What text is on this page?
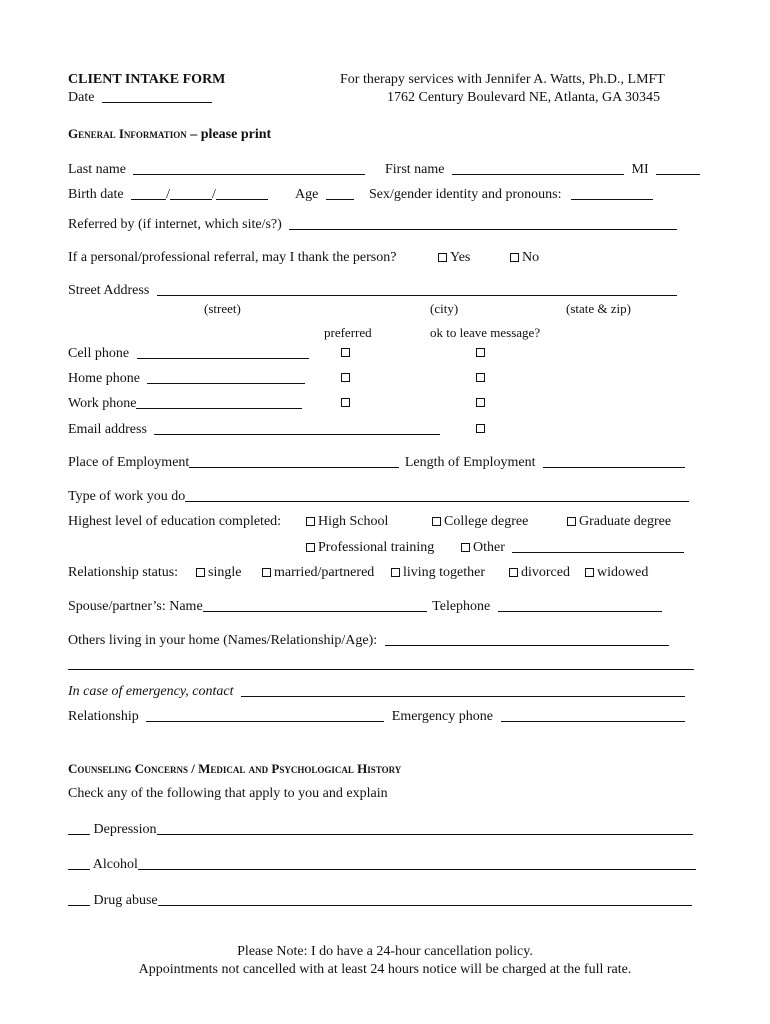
CLIENT INTAKE FORM	For therapy services with Jennifer A. Watts, Ph.D., LMFT
Date	1762 Century Boulevard NE, Atlanta, GA 30345
General Information – please print
Last name	First name	MI
Birth date	/	/	Age	Sex/gender identity and pronouns:
Referred by (if internet, which site/s?)
If a personal/professional referral, may I thank the person?	Yes	No
Street Address
(street)	(city)	(state & zip)
preferred	ok to leave message?
Cell phone
Home phone
Work phone
Email address
Place of Employment	Length of Employment
Type of work you do
Highest level of education completed:	High School	College degree	Graduate degree
Professional training	Other
Relationship status:	single	married/partnered	living together	divorced	widowed
Spouse/partner’s: Name	Telephone
Others living in your home (Names/Relationship/Age):
In case of emergency, contact
Relationship	Emergency phone
Counseling Concerns / Medical and Psychological History
Check any of the following that apply to you and explain
Depression
Alcohol
Drug abuse
Please Note: I do have a 24-hour cancellation policy.
Appointments not cancelled with at least 24 hours notice will be charged at the full rate.
